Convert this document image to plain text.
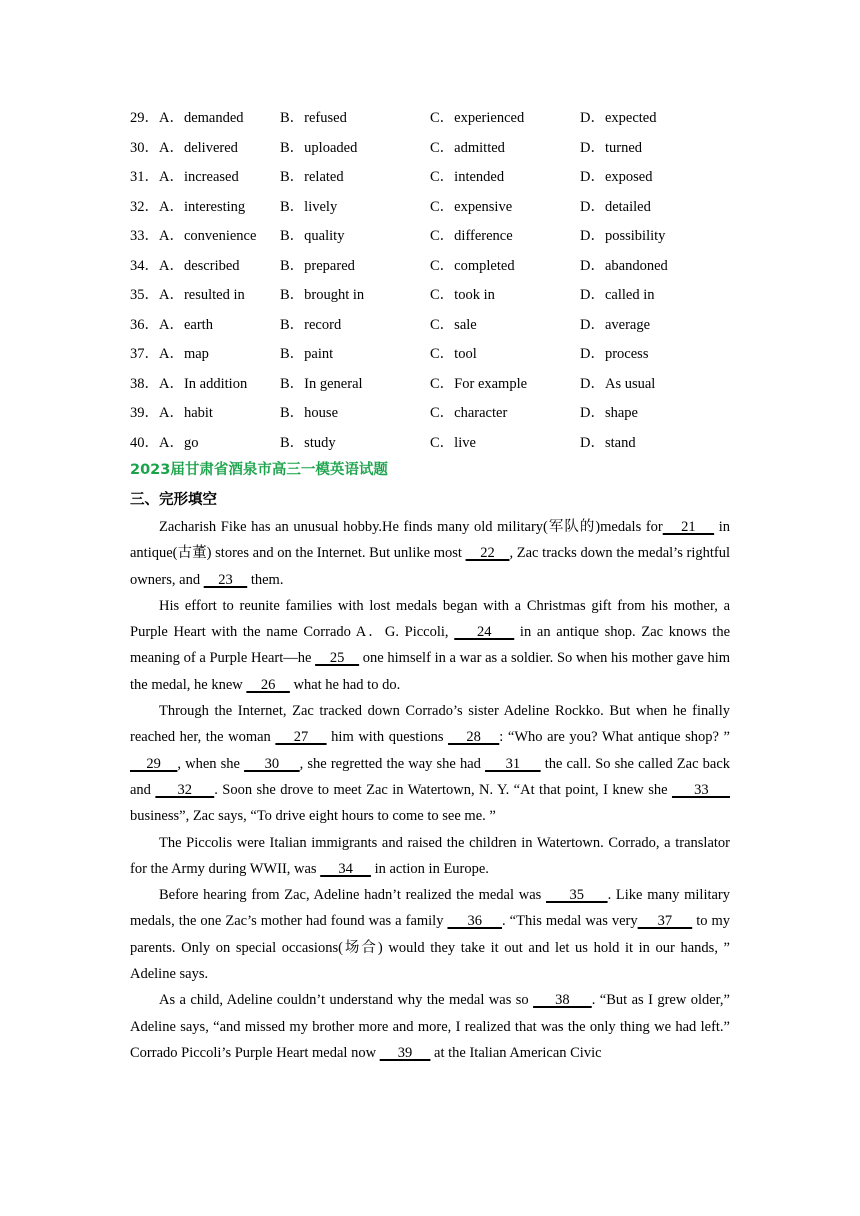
29．A．demanded	B．refused	C．experienced	D．expected
30．A．delivered	B．uploaded	C．admitted	D．turned
31．A．increased	B．related	C．intended	D．exposed
32．A．interesting	B．lively	C．expensive	D．detailed
33．A．convenience	B．quality	C．difference	D．possibility
34．A．described	B．prepared	C．completed	D．abandoned
35．A．resulted in	B．brought in	C．took in	D．called in
36．A．earth	B．record	C．sale	D．average
37．A．map	B．paint	C．tool	D．process
38．A．In addition	B．In general	C．For example	D．As usual
39．A．habit	B．house	C．character	D．shape
40．A．go	B．study	C．live	D．stand
2023届甘肃省酒泉市高三一模英语试题
三、完形填空

Zacharish Fike has an unusual hobby.He finds many old military(军队的)medals for    21     in antique(古董) stores and on the Internet. But unlike most     22    , Zac tracks down the medal’s rightful owners, and     23     them.

His effort to reunite families with lost medals began with a Christmas gift from his mother, a Purple Heart with the name Corrado A．G. Piccoli,     24     in an antique shop. Zac knows the meaning of a Purple Heart—he     25     one himself in a war as a soldier. So when his mother gave him the medal, he knew     26     what he had to do.

Through the Internet, Zac tracked down Corrado’s sister Adeline Rockko. But when he finally reached her, the woman     27     him with questions     28    : “Who are you? What antique shop? ”     29    , when she      30     , she regretted the way she had      31      the call. So she called Zac back and      32     . Soon she drove to meet Zac in Watertown, N. Y. “At that point, I knew she      33      business”, Zac says, “To drive eight hours to come to see me. ”

The Piccolis were Italian immigrants and raised the children in Watertown. Corrado, a translator for the Army during WWII, was      34      in action in Europe.

Before hearing from Zac, Adeline hadn’t realized the medal was      35     . Like many military medals, the one Zac’s mother had found was a family      36     . “This medal was very     37      to my parents. Only on special occasions(场合) would they take it out and let us hold it in our hands, ” Adeline says.

As a child, Adeline couldn’t understand why the medal was so      38     . “But as I grew older,” Adeline says, “and missed my brother more and more, I realized that was the only thing we had left.” Corrado Piccoli’s Purple Heart medal now      39      at the Italian American Civic
